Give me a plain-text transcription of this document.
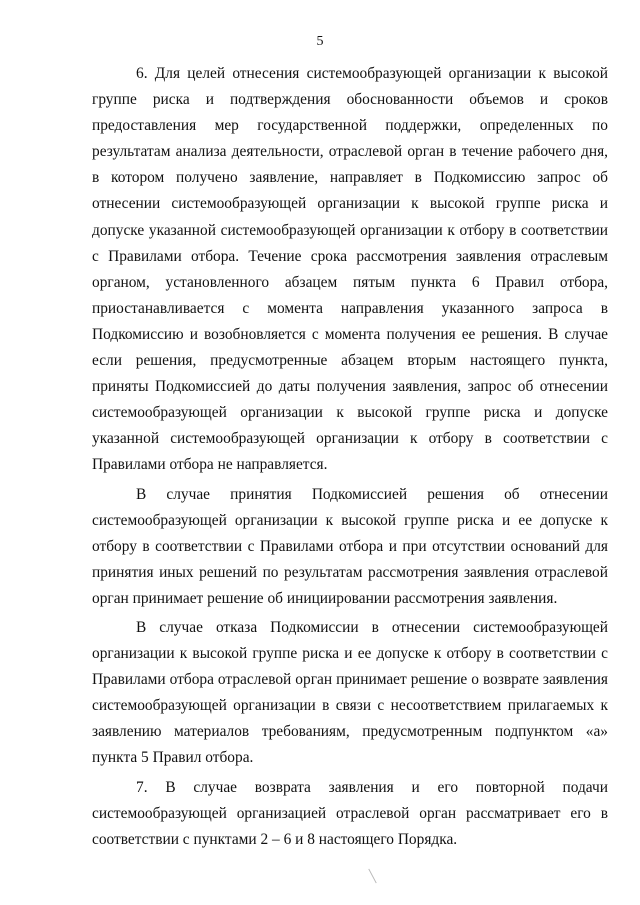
5

6. Для целей отнесения системообразующей организации к высокой группе риска и подтверждения обоснованности объемов и сроков предоставления мер государственной поддержки, определенных по результатам анализа деятельности, отраслевой орган в течение рабочего дня, в котором получено заявление, направляет в Подкомиссию запрос об отнесении системообразующей организации к высокой группе риска и допуске указанной системообразующей организации к отбору в соответствии с Правилами отбора. Течение срока рассмотрения заявления отраслевым органом, установленного абзацем пятым пункта 6 Правил отбора, приостанавливается с момента направления указанного запроса в Подкомиссию и возобновляется с момента получения ее решения. В случае если решения, предусмотренные абзацем вторым настоящего пункта, приняты Подкомиссией до даты получения заявления, запрос об отнесении системообразующей организации к высокой группе риска и допуске указанной системообразующей организации к отбору в соответствии с Правилами отбора не направляется.

В случае принятия Подкомиссией решения об отнесении системообразующей организации к высокой группе риска и ее допуске к отбору в соответствии с Правилами отбора и при отсутствии оснований для принятия иных решений по результатам рассмотрения заявления отраслевой орган принимает решение об инициировании рассмотрения заявления.

В случае отказа Подкомиссии в отнесении системообразующей организации к высокой группе риска и ее допуске к отбору в соответствии с Правилами отбора отраслевой орган принимает решение о возврате заявления системообразующей организации в связи с несоответствием прилагаемых к заявлению материалов требованиям, предусмотренным подпунктом «а» пункта 5 Правил отбора.

7. В случае возврата заявления и его повторной подачи системообразующей организацией отраслевой орган рассматривает его в соответствии с пунктами 2 – 6 и 8 настоящего Порядка.
